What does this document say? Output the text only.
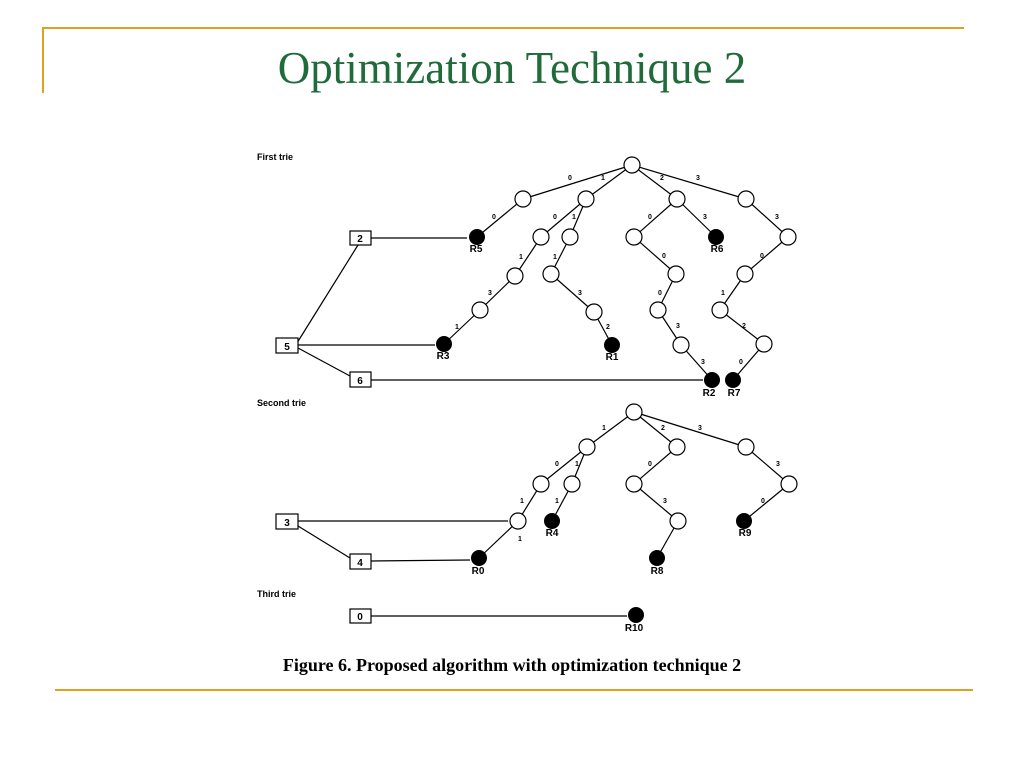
Optimization Technique 2
2
5
6
3
4
0
First trie
Second trie
Third trie
R5	R6
R3	R1
R2 R7
R4	R9
R0	R8
R10
0	1	2	3
0	0 1	0	3	3
1	1	0	0
3	3	0	1
1	2	3	2
3	0
1	2	3
0 1	0	3
1	1	0
3
1
Figure 6. Proposed algorithm with optimization technique 2
